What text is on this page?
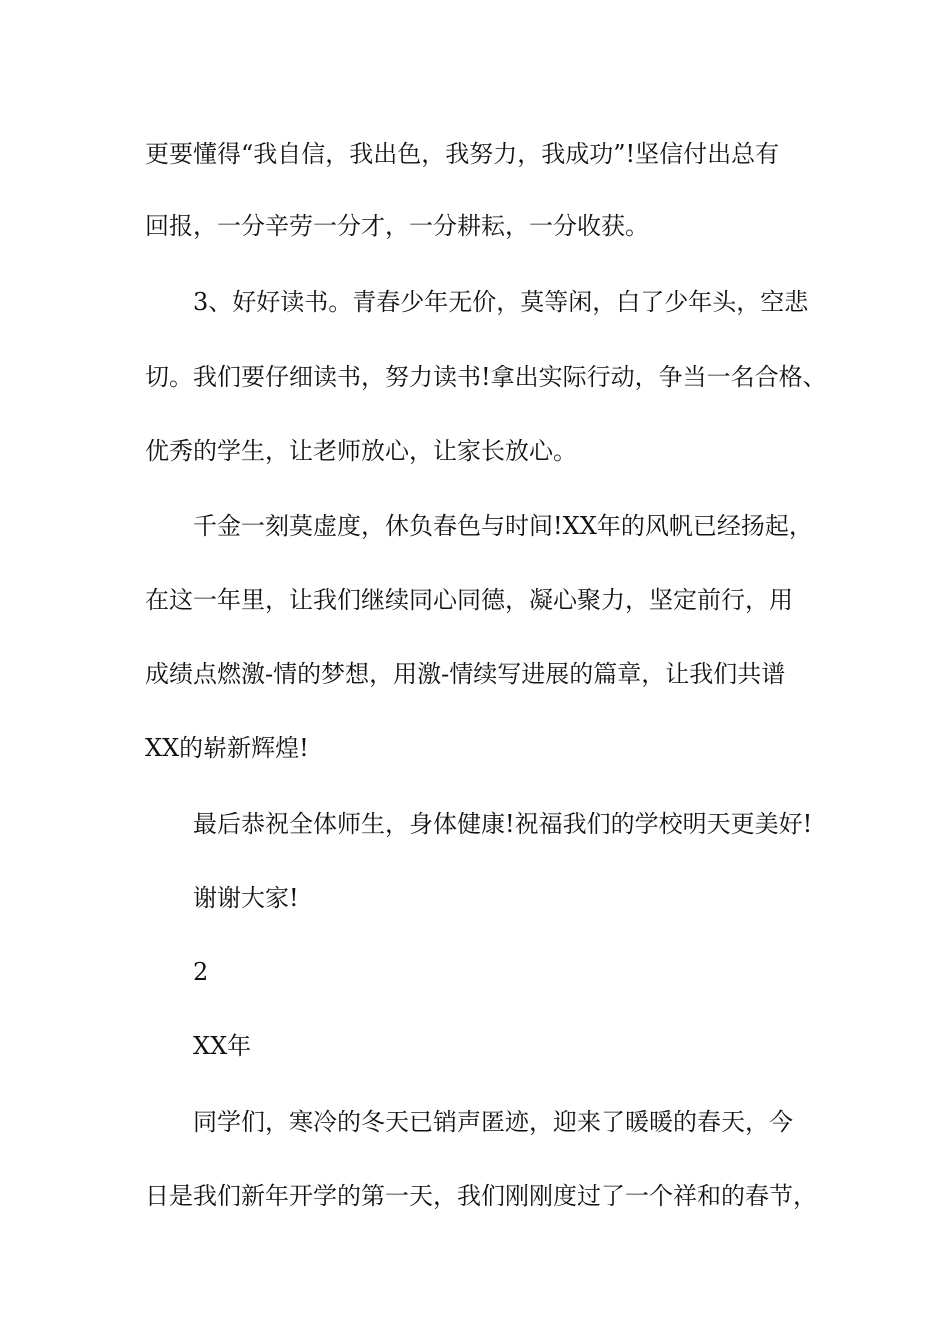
更要懂得“我自信，我出色，我努力，我成功”!坚信付出总有

回报，一分辛劳一分才，一分耕耘，一分收获。

3、好好读书。青春少年无价，莫等闲，白了少年头，空悲

切。我们要仔细读书，努力读书!拿出实际行动，争当一名合格、

优秀的学生，让老师放心，让家长放心。

千金一刻莫虚度，休负春色与时间!XX年的风帆已经扬起，

在这一年里，让我们继续同心同德，凝心聚力，坚定前行，用

成绩点燃激-情的梦想，用激-情续写进展的篇章，让我们共谱

XX的崭新辉煌!

最后恭祝全体师生，身体健康!祝福我们的学校明天更美好!

谢谢大家!

2

XX年

同学们，寒冷的冬天已销声匿迹，迎来了暖暖的春天，今

日是我们新年开学的第一天，我们刚刚度过了一个祥和的春节，
